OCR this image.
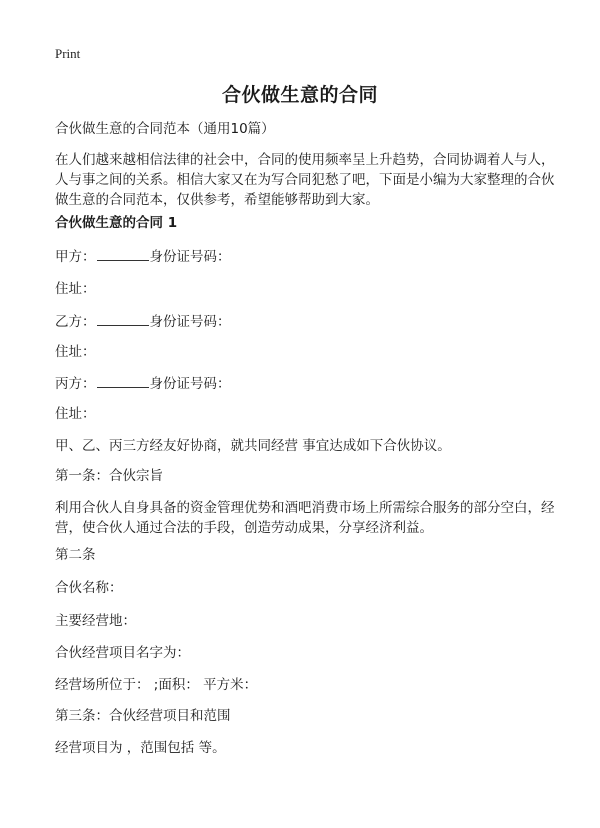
Print
合伙做生意的合同
合伙做生意的合同范本（通用10篇）
在人们越来越相信法律的社会中，合同的使用频率呈上升趋势，合同协调着人与人，人与事之间的关系。相信大家又在为写合同犯愁了吧，下面是小编为大家整理的合伙做生意的合同范本，仅供参考，希望能够帮助到大家。
合伙做生意的合同 1
甲方：	身份证号码：
住址：
乙方：	身份证号码：
住址：
丙方：	身份证号码：
住址：
甲、乙、丙三方经友好协商，就共同经营 事宜达成如下合伙协议。
第一条：合伙宗旨
利用合伙人自身具备的资金管理优势和酒吧消费市场上所需综合服务的部分空白，经营，使合伙人通过合法的手段，创造劳动成果，分享经济利益。
第二条
合伙名称：
主要经营地：
合伙经营项目名字为：
经营场所位于： ;面积： 平方米：
第三条：合伙经营项目和范围
经营项目为 ，范围包括 等。
